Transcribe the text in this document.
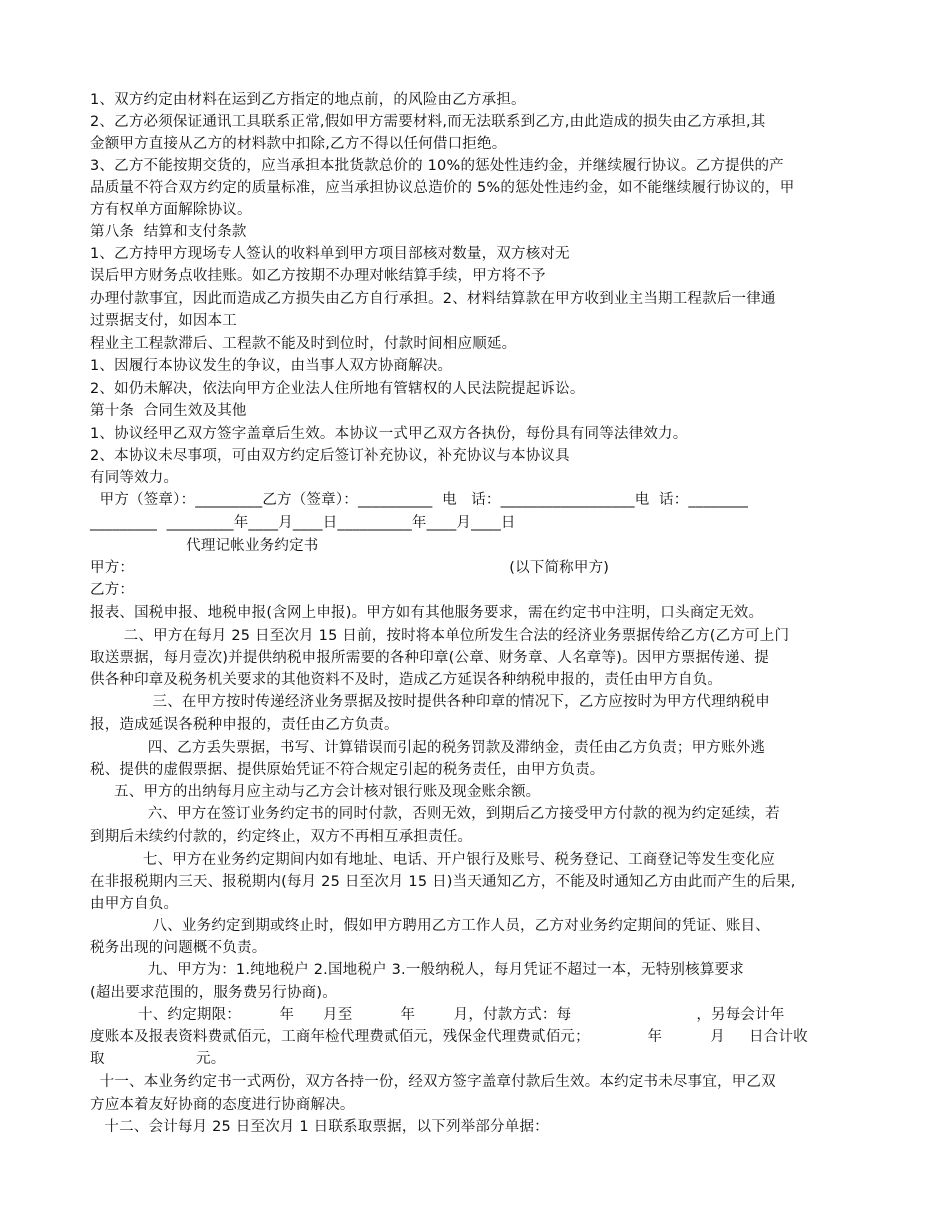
1、双方约定由材料在运到乙方指定的地点前，的风险由乙方承担。
2、乙方必须保证通讯工具联系正常,假如甲方需要材料,而无法联系到乙方,由此造成的损失由乙方承担,其
金额甲方直接从乙方的材料款中扣除,乙方不得以任何借口拒绝。
3、乙方不能按期交货的，应当承担本批货款总价的 10%的惩处性违约金，并继续履行协议。乙方提供的产
品质量不符合双方约定的质量标准，应当承担协议总造价的 5%的惩处性违约金，如不能继续履行协议的，甲
方有权单方面解除协议。
第八条  结算和支付条款
1、乙方持甲方现场专人签认的收料单到甲方项目部核对数量，双方核对无
误后甲方财务点收挂账。如乙方按期不办理对帐结算手续，甲方将不予
办理付款事宜，因此而造成乙方损失由乙方自行承担。2、材料结算款在甲方收到业主当期工程款后一律通
过票据支付，如因本工
程业主工程款滞后、工程款不能及时到位时，付款时间相应顺延。
1、因履行本协议发生的争议，由当事人双方协商解决。
2、如仍未解决，依法向甲方企业法人住所地有管辖权的人民法院提起诉讼。
第十条  合同生效及其他
1、协议经甲乙双方签字盖章后生效。本协议一式甲乙双方各执份，每份具有同等法律效力。
2、本协议未尽事项，可由双方约定后签订补充协议，补充协议与本协议具
有同等效力。
甲方（签章）：_________乙方（签章）：__________  电   话：__________________电  话：________
_________  _________年____月____日__________年____月____日
代理记帐业务约定书
甲方：                                                                              (以下简称甲方)
乙方：
报表、国税申报、地税申报(含网上申报)。甲方如有其他服务要求，需在约定书中注明，口头商定无效。
二、甲方在每月 25 日至次月 15 日前，按时将本单位所发生合法的经济业务票据传给乙方(乙方可上门
取送票据，每月壹次)并提供纳税申报所需要的各种印章(公章、财务章、人名章等)。因甲方票据传递、提
供各种印章及税务机关要求的其他资料不及时，造成乙方延误各种纳税申报的，责任由甲方自负。
三、在甲方按时传递经济业务票据及按时提供各种印章的情况下，乙方应按时为甲方代理纳税申
报，造成延误各税种申报的，责任由乙方负责。
四、乙方丢失票据，书写、计算错误而引起的税务罚款及滞纳金，责任由乙方负责；甲方账外逃
税、提供的虚假票据、提供原始凭证不符合规定引起的税务责任，由甲方负责。
五、甲方的出纳每月应主动与乙方会计核对银行账及现金账余额。
六、甲方在签订业务约定书的同时付款，否则无效，到期后乙方接受甲方付款的视为约定延续，若
到期后未续约付款的，约定终止，双方不再相互承担责任。
七、甲方在业务约定期间内如有地址、电话、开户银行及账号、税务登记、工商登记等发生变化应
在非报税期内三天、报税期内(每月 25 日至次月 15 日)当天通知乙方，不能及时通知乙方由此而产生的后果,
由甲方自负。
八、业务约定到期或终止时，假如甲方聘用乙方工作人员，乙方对业务约定期间的凭证、账目、
税务出现的问题概不负责。
九、甲方为：1.纯地税户 2.国地税户 3.一般纳税人，每月凭证不超过一本，无特别核算要求
(超出要求范围的，服务费另行协商)。
十、约定期限：        年      月至          年        月，付款方式：每                          ，另每会计年
度账本及报表资料费贰佰元，工商年检代理费贰佰元，残保金代理费贰佰元；            年          月     日合计收
取                   元。
十一、本业务约定书一式两份，双方各持一份，经双方签字盖章付款后生效。本约定书未尽事宜，甲乙双
方应本着友好协商的态度进行协商解决。
十二、会计每月 25 日至次月 1 日联系取票据，以下列举部分单据：
